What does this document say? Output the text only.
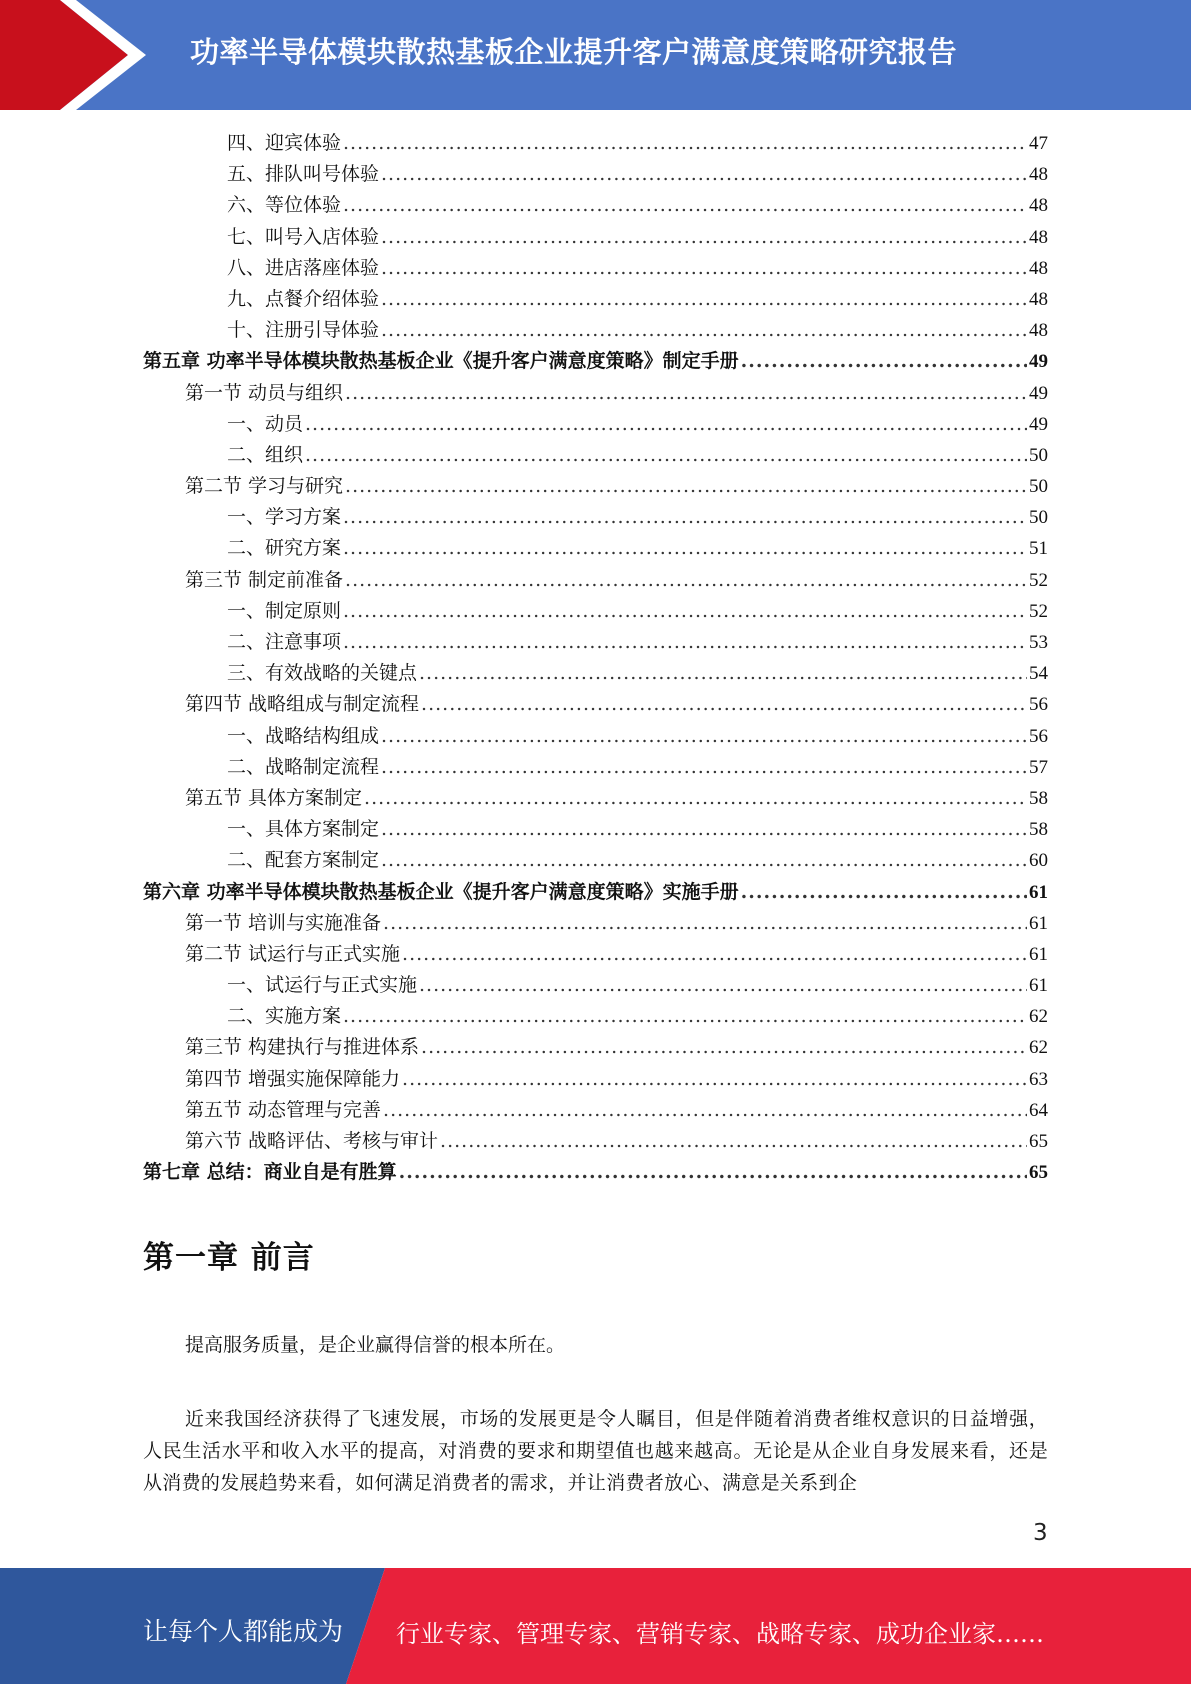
功率半导体模块散热基板企业提升客户满意度策略研究报告
四、迎宾体验 .....	47
五、排队叫号体验 .....	48
六、等位体验 .....	48
七、叫号入店体验 .....	48
八、进店落座体验 .....	48
九、点餐介绍体验 .....	48
十、注册引导体验 .....	48
第五章 功率半导体模块散热基板企业《提升客户满意度策略》制定手册 .....	49
第一节 动员与组织 .....	49
一、动员 .....	49
二、组织 .....	50
第二节 学习与研究 .....	50
一、学习方案 .....	50
二、研究方案 .....	51
第三节 制定前准备 .....	52
一、制定原则 .....	52
二、注意事项 .....	53
三、有效战略的关键点 .....	54
第四节 战略组成与制定流程 .....	56
一、战略结构组成 .....	56
二、战略制定流程 .....	57
第五节 具体方案制定 .....	58
一、具体方案制定 .....	58
二、配套方案制定 .....	60
第六章 功率半导体模块散热基板企业《提升客户满意度策略》实施手册 .....	61
第一节 培训与实施准备 .....	61
第二节 试运行与正式实施 .....	61
一、试运行与正式实施 .....	61
二、实施方案 .....	62
第三节 构建执行与推进体系 .....	62
第四节 增强实施保障能力 .....	63
第五节 动态管理与完善 .....	64
第六节 战略评估、考核与审计 .....	65
第七章 总结：商业自是有胜算 .....	65
第一章 前言
提高服务质量，是企业赢得信誉的根本所在。
近来我国经济获得了飞速发展，市场的发展更是令人瞩目，但是伴随着消费者维权意识的日益增强，人民生活水平和收入水平的提高，对消费的要求和期望值也越来越高。无论是从企业自身发展来看，还是从消费的发展趋势来看，如何满足消费者的需求，并让消费者放心、满意是关系到企
3
让每个人都能成为 行业专家、管理专家、营销专家、战略专家、成功企业家……
